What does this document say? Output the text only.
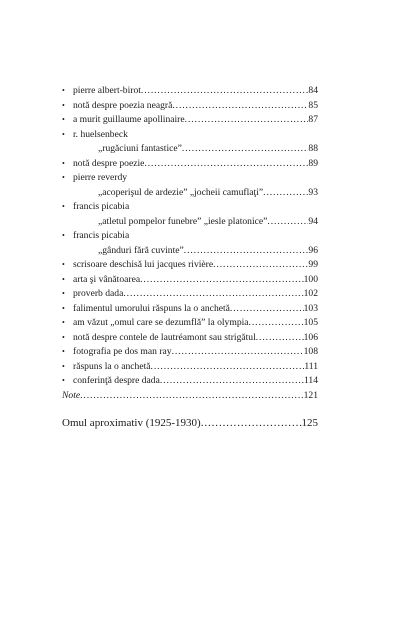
• pierre albert-birot .....	84
• notă despre poezia neagră .....	85
• a murit guillaume apollinaire .....	87
• r. huelsenbeck
„rugăciuni fantastice” .....	88
• notă despre poezie .....	89
• pierre reverdy
„acoperişul de ardezie” „jocheii camuflaţi” .....	93
• francis picabia
„atletul pompelor funebre” „iesle platonice” .....	94
• francis picabia
„gânduri fără cuvinte” .....	96
• scrisoare deschisă lui jacques rivière .....	99
• arta şi vânătoarea .....	100
• proverb dada .....	102
• falimentul umorului răspuns la o anchetă .....	103
• am văzut „omul care se dezumflă” la olympia .....	105
• notă despre contele de lautréamont sau strigătul .....	106
• fotografia pe dos man ray .....	108
• răspuns la o anchetă .....	111
• conferinţă despre dada .....	114
Note .....	121
Omul aproximativ (1925-1930) .....	125
